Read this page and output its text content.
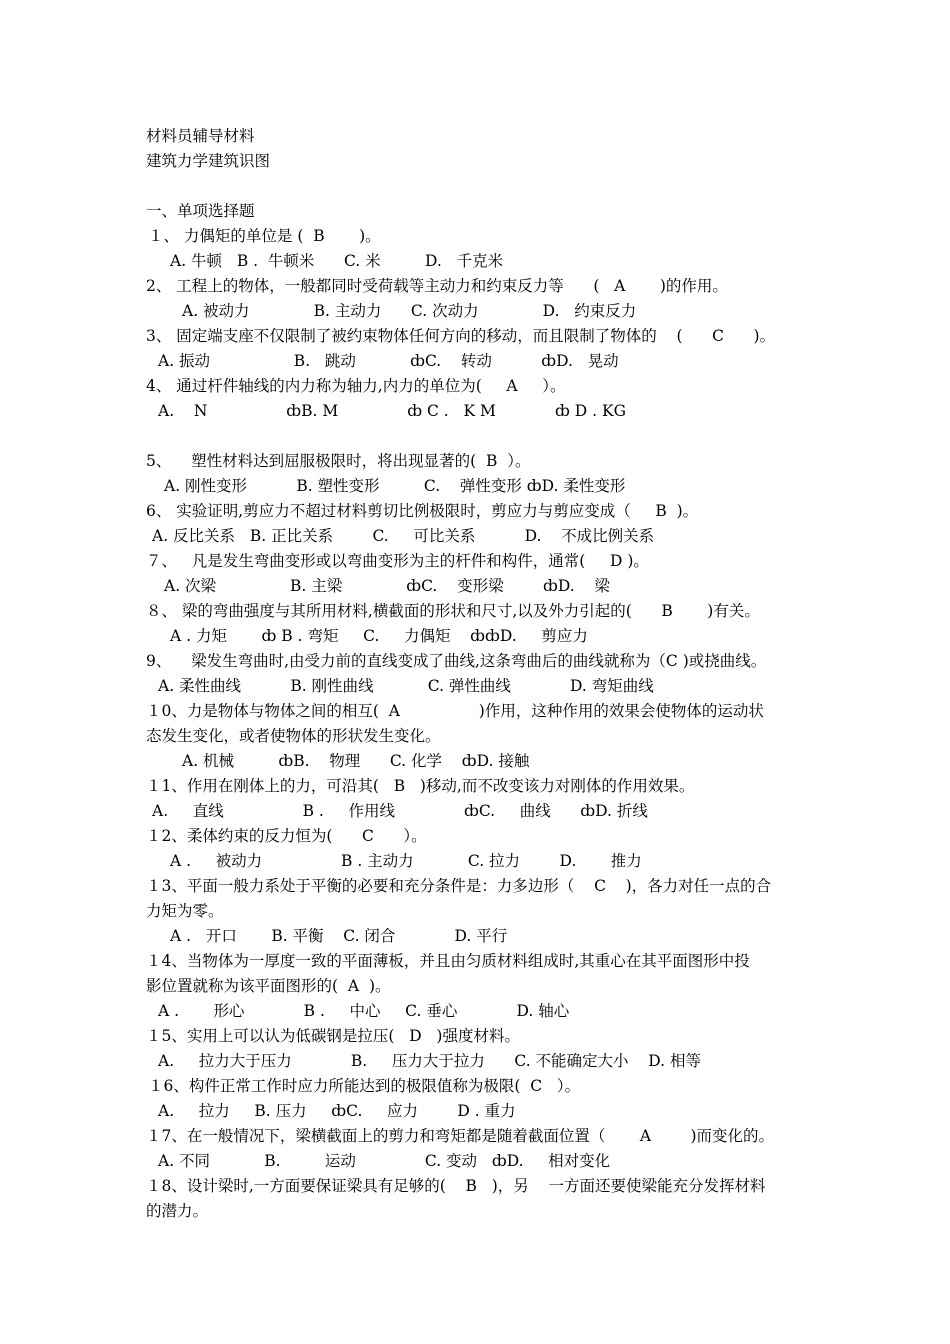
材料员辅导材料
建筑力学建筑识图
一、单项选择题
１、 力偶矩的单位是 (  B       )。
A. 牛顿   B .  牛顿米      C. 米         D.   千克米
2、 工程上的物体，一般都同时受荷载等主动力和约束反力等      (   A       )的作用。
A. 被动力             B. 主动力      C. 次动力             D.   约束反力
3、 固定端支座不仅限制了被约束物体任何方向的移动，而且限制了物体的    (      C      )。
A. 振动                 B.   跳动           ȸC.    转动          ȸD.   晃动
4、 通过杆件轴线的内力称为轴力,内力的单位为(     A     ）。
A.    N                ȸB. M              ȸ C .   K M            ȸ D . KG
5、    塑性材料达到屈服极限时，将出现显著的(  B  ）。
A. 刚性变形          B. 塑性变形         C.    弹性变形 ȸD. 柔性变形
6、 实验证明,剪应力不超过材料剪切比例极限时，剪应力与剪应变成（     B  )。
A. 反比关系   B. 正比关系        C.     可比关系          D.    不成比例关系
７、   凡是发生弯曲变形或以弯曲变形为主的杆件和构件，通常(     D )。
A. 次梁               B. 主梁             ȸC.    变形梁        ȸD.    梁
８、 梁的弯曲强度与其所用材料,横截面的形状和尺寸,以及外力引起的(      B       )有关。
A . 力矩       ȸ B . 弯矩     C.     力偶矩    ȸȸD.     剪应力
9、    梁发生弯曲时,由受力前的直线变成了曲线,这条弯曲后的曲线就称为（C )或挠曲线。
A. 柔性曲线          B. 刚性曲线           C. 弹性曲线            D. 弯矩曲线
１0、力是物体与物体之间的相互(  A                )作用，这种作用的效果会使物体的运动状
态发生变化，或者使物体的形状发生变化。
A. 机械         ȸB.    物理      C. 化学    ȸD. 接触
１1、作用在刚体上的力，可沿其(   B   )移动,而不改变该力对刚体的作用效果。
A.     直线                B .     作用线              ȸC.     曲线      ȸD. 折线
１2、柔体约束的反力恒为(      C      ）。
A .     被动力                B . 主动力           C. 拉力        D.       推力
１3、平面一般力系处于平衡的必要和充分条件是：力多边形（    C    )，各力对任一点的合
力矩为零。
A .   开口       B. 平衡    C. 闭合            D. 平行
１4、当物体为一厚度一致的平面薄板，并且由匀质材料组成时,其重心在其平面图形中投
影位置就称为该平面图形的(  A  )。
A .       形心            B .     中心     C. 垂心            D. 轴心
１5、实用上可以认为低碳钢是拉压(   D   )强度材料。
A.     拉力大于压力            B.     压力大于拉力      C. 不能确定大小    D. 相等
１6、构件正常工作时应力所能达到的极限值称为极限(  C   ）。
A.     拉力     B. 压力     ȸC.     应力        D . 重力
１7、在一般情况下，梁横截面上的剪力和弯矩都是随着截面位置（       A        )而变化的。
A. 不同           B.         运动              C. 变动   ȸD.     相对变化
１8、设计梁时,一方面要保证梁具有足够的(    B   )，另    一方面还要使梁能充分发挥材料
的潜力。
